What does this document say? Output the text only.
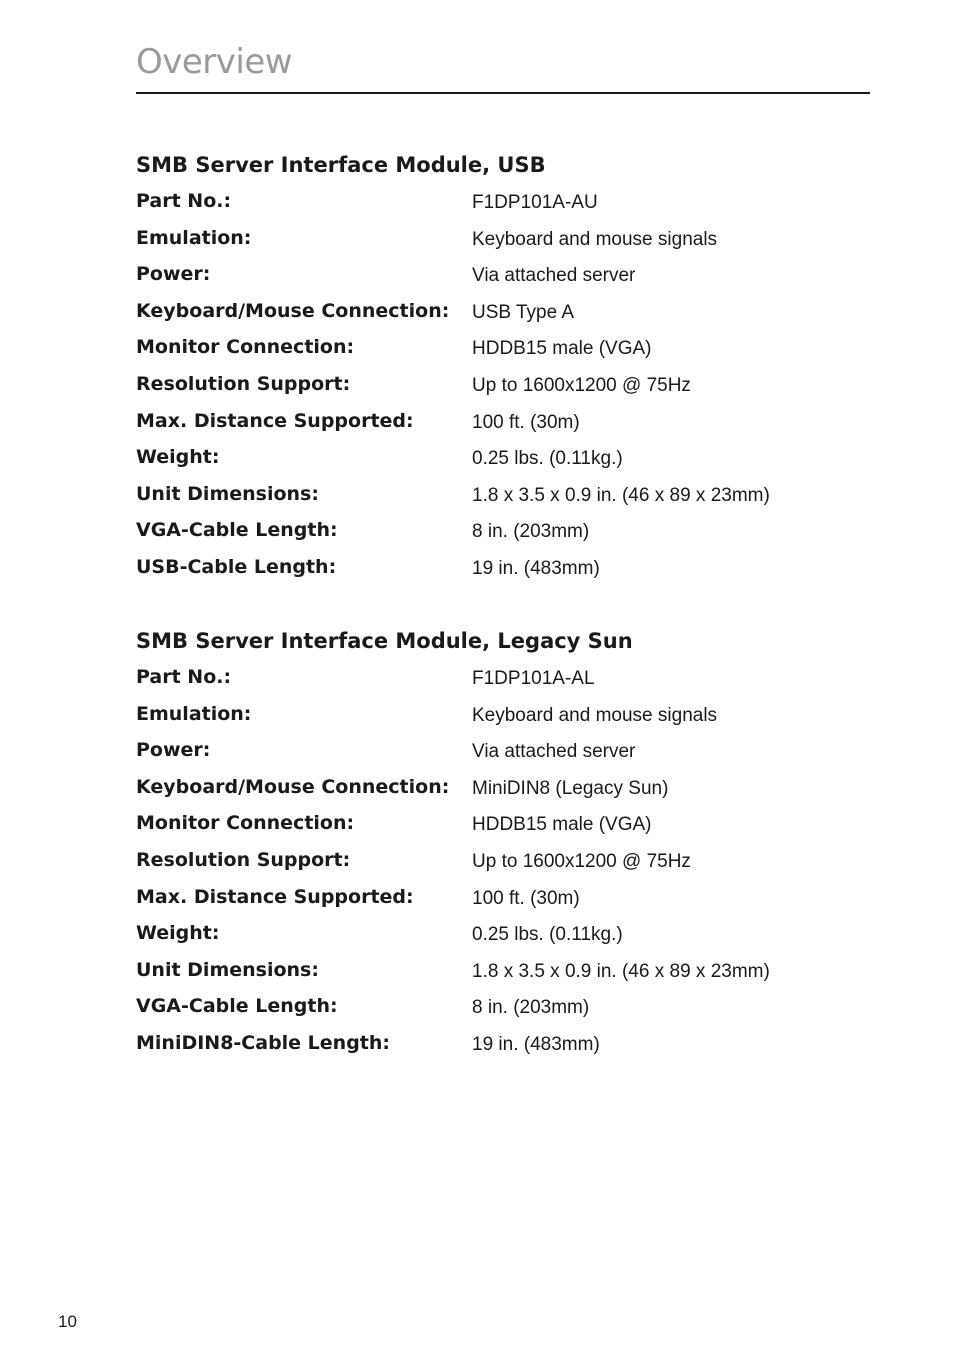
Overview
SMB Server Interface Module, USB
Part No.:	F1DP101A-AU
Emulation:	Keyboard and mouse signals
Power:	Via attached server
Keyboard/Mouse Connection: USB Type A
Monitor Connection:	HDDB15 male (VGA)
Resolution Support:	Up to 1600x1200 @ 75Hz
Max. Distance Supported:	100 ft. (30m)
Weight:	0.25 lbs. (0.11kg.)
Unit Dimensions:	1.8 x 3.5 x 0.9 in. (46 x 89 x 23mm)
VGA-Cable Length:	8 in. (203mm)
USB-Cable Length:	19 in. (483mm)
SMB Server Interface Module, Legacy Sun
Part No.:	F1DP101A-AL
Emulation:	Keyboard and mouse signals
Power:	Via attached server
Keyboard/Mouse Connection: MiniDIN8 (Legacy Sun)
Monitor Connection:	HDDB15 male (VGA)
Resolution Support:	Up to 1600x1200 @ 75Hz
Max. Distance Supported:	100 ft. (30m)
Weight:	0.25 lbs. (0.11kg.)
Unit Dimensions:	1.8 x 3.5 x 0.9 in. (46 x 89 x 23mm)
VGA-Cable Length:	8 in. (203mm)
MiniDIN8-Cable Length:	19 in. (483mm)
10
